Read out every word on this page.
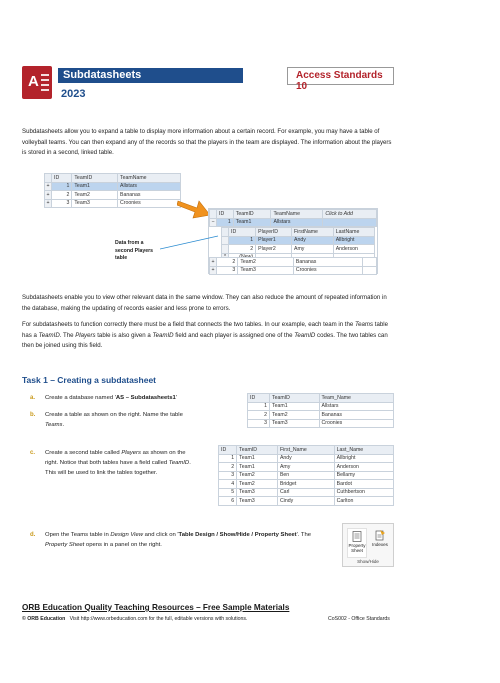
A Subdatasheets
2023
Access Standards 10
Subdatasheets allow you to expand a table to display more information about a certain record. For example, you may have a table of volleyball teams. You can then expand any of the records so that the players in the team are displayed. The information about the players is stored in a second, linked table.
	ID	TeamID	TeamName
+	1	Team1	Allstars
+	2	Team2	Bananas
+	3	Team3	Croonies
	ID	TeamID	TeamName	Click to Add
−	1	Team1	Allstars	
	ID	PlayerID	FirstName	LastName
	1	Player1	Andy	Allbright
	2	Player2	Amy	Anderson

+	2	Team2	Bananas	
+	3	Team3	Croonies	
Data from a
second Players
table
Subdatasheets enable you to view other relevant data in the same window. They can also reduce the amount of repeated information in the database, making the updating of records easier and less prone to errors.
For subdatasheets to function correctly there must be a field that connects the two tables. In our example, each team in the Teams table has a TeamID. The Players table is also given a TeamID field and each player is assigned one of the TeamID codes. The two tables can then be joined using this field.
Task 1 – Creating a subdatasheet
a. Create a database named 'AS – Subdatasheets1'
b. Create a table as shown on the right. Name the table Teams.
ID	TeamID	Team_Name
1	Team1	Allstars
2	Team2	Bananas
3	Team3	Croonies
c. Create a second table called Players as shown on the right. Notice that both tables have a field called TeamID. This will be used to link the tables together.
ID	TeamID	First_Name	Last_Name
1	Team1	Andy	Allbright
2	Team1	Amy	Anderson
3	Team2	Ben	Bellamy
4	Team2	Bridget	Bardot
5	Team3	Carl	Cuthbertson
6	Team3	Cindy	Carlton
d. Open the Teams table in Design View and click on 'Table Design / Show/Hide / Property Sheet'. The Property Sheet opens in a panel on the right.	Property Sheet
Indexes
Show/Hide
ORB Education Quality Teaching Resources – Free Sample Materials
© ORB Education Visit http://www.orbeducation.com for the full, editable versions with solutions.	CoS002 - Office Standards
